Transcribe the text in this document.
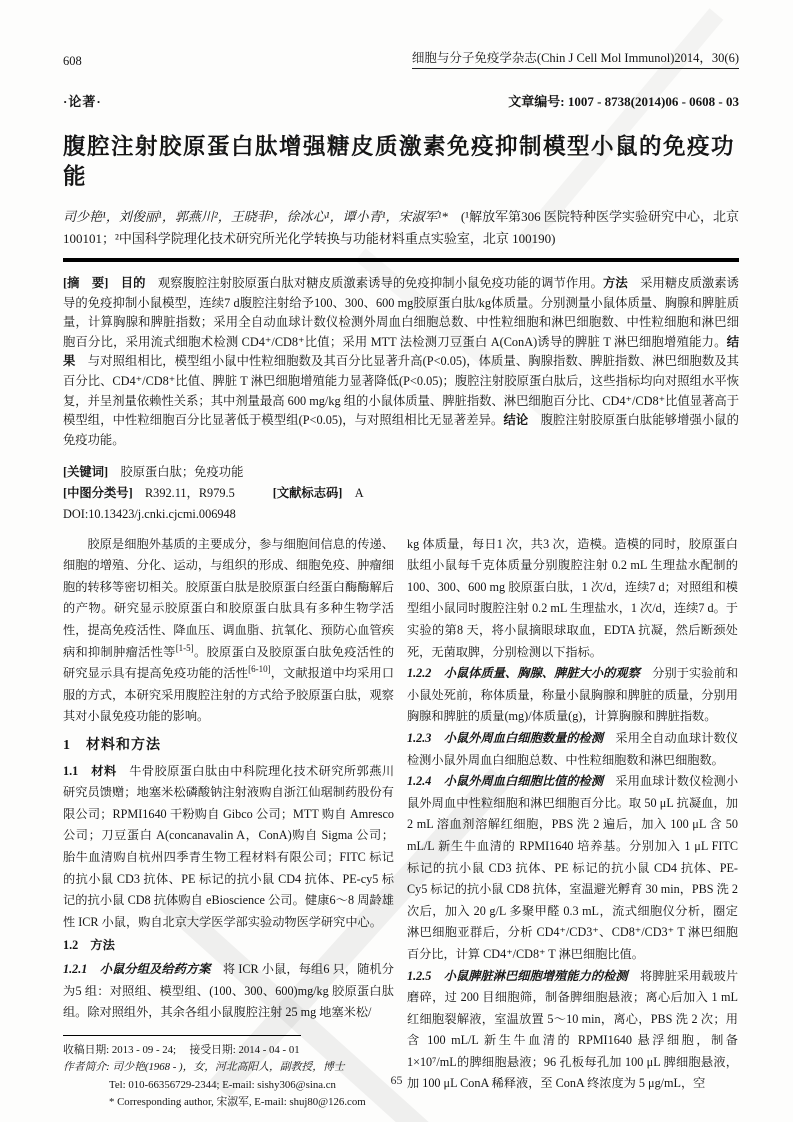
608	细胞与分子免疫学杂志(Chin J Cell Mol Immunol)2014，30(6)
·论著·	文章编号: 1007 - 8738(2014)06 - 0608 - 03
腹腔注射胶原蛋白肽增强糖皮质激素免疫抑制模型小鼠的免疫功能
司少艳¹，刘俊丽¹，郭燕川²，王晓菲¹，徐冰心¹，谭小青¹，宋淑军¹*　(¹解放军第306 医院特种医学实验研究中心，北京 100101；²中国科学院理化技术研究所光化学转换与功能材料重点实验室，北京 100190)

[摘　要]　目的　观察腹腔注射胶原蛋白肽对糖皮质激素诱导的免疫抑制小鼠免疫功能的调节作用。方法　采用糖皮质激素诱导的免疫抑制小鼠模型，连续7 d腹腔注射给予100、300、600 mg胶原蛋白肽/kg体质量。分别测量小鼠体质量、胸腺和脾脏质量，计算胸腺和脾脏指数；采用全自动血球计数仪检测外周血白细胞总数、中性粒细胞和淋巴细胞数、中性粒细胞和淋巴细胞百分比，采用流式细胞术检测 CD4⁺/CD8⁺比值；采用 MTT 法检测刀豆蛋白 A(ConA)诱导的脾脏 T 淋巴细胞增殖能力。结果　与对照组相比，模型组小鼠中性粒细胞数及其百分比显著升高(P<0.05)，体质量、胸腺指数、脾脏指数、淋巴细胞数及其百分比、CD4⁺/CD8⁺比值、脾脏 T 淋巴细胞增殖能力显著降低(P<0.05)；腹腔注射胶原蛋白肽后，这些指标均向对照组水平恢复，并呈剂量依赖性关系；其中剂量最高 600 mg/kg 组的小鼠体质量、脾脏指数、淋巴细胞百分比、CD4⁺/CD8⁺比值显著高于模型组，中性粒细胞百分比显著低于模型组(P<0.05)，与对照组相比无显著差异。结论　腹腔注射胶原蛋白肽能够增强小鼠的免疫功能。

[关键词]　胶原蛋白肽；免疫功能
[中图分类号]　R392.11，R979.5	[文献标志码]　A
DOI:10.13423/j.cnki.cjcmi.006948

胶原是细胞外基质的主要成分，参与细胞间信息的传递、细胞的增殖、分化、运动，与组织的形成、细胞免疫、肿瘤细胞的转移等密切相关。胶原蛋白肽是胶原蛋白经蛋白酶酶解后的产物。研究显示胶原蛋白和胶原蛋白肽具有多种生物学活性，提高免疫活性、降血压、调血脂、抗氧化、预防心血管疾病和抑制肿瘤活性等[1-5]。胶原蛋白及胶原蛋白肽免疫活性的研究显示具有提高免疫功能的活性[6-10]，文献报道中均采用口服的方式，本研究采用腹腔注射的方式给予胶原蛋白肽，观察其对小鼠免疫功能的影响。

1　材料和方法

1.1　材料　牛骨胶原蛋白肽由中科院理化技术研究所郭燕川研究员馈赠；地塞米松磷酸钠注射液购自浙江仙琚制药股份有限公司；RPMI1640 干粉购自 Gibco 公司；MTT 购自 Amresco 公司；刀豆蛋白 A(concanavalin A，ConA)购自 Sigma 公司；胎牛血清购自杭州四季青生物工程材料有限公司；FITC 标记的抗小鼠 CD3 抗体、PE 标记的抗小鼠 CD4 抗体、PE-cy5 标记的抗小鼠 CD8 抗体购自 eBioscience 公司。健康6～8 周龄雄性 ICR 小鼠，购自北京大学医学部实验动物医学研究中心。

1.2　方法

1.2.1　小鼠分组及给药方案　将 ICR 小鼠，每组6 只，随机分为5 组：对照组、模型组、(100、300、600)mg/kg 胶原蛋白肽组。除对照组外，其余各组小鼠腹腔注射 25 mg 地塞米松/

收稿日期: 2013 - 09 - 24;　 接受日期: 2014 - 04 - 01
作者简介: 司少艳(1968 - )，女，河北高阳人，副教授，博士
Tel: 010-66356729-2344; E-mail: sishy306@sina.cn
* Corresponding author, 宋淑军, E-mail: shuj80@126.com

kg 体质量，每日1 次，共3 次，造模。造模的同时，胶原蛋白肽组小鼠每千克体质量分别腹腔注射 0.2 mL 生理盐水配制的100、300、600 mg 胶原蛋白肽，1 次/d，连续7 d；对照组和模型组小鼠同时腹腔注射 0.2 mL 生理盐水，1 次/d，连续7 d。于实验的第8 天，将小鼠摘眼球取血，EDTA 抗凝，然后断颈处死，无菌取脾，分别检测以下指标。

1.2.2　小鼠体质量、胸腺、脾脏大小的观察　分别于实验前和小鼠处死前，称体质量，称量小鼠胸腺和脾脏的质量，分别用胸腺和脾脏的质量(mg)/体质量(g)，计算胸腺和脾脏指数。

1.2.3　小鼠外周血白细胞数量的检测　采用全自动血球计数仪检测小鼠外周血白细胞总数、中性粒细胞数和淋巴细胞数。

1.2.4　小鼠外周血白细胞比值的检测　采用血球计数仪检测小鼠外周血中性粒细胞和淋巴细胞百分比。取 50 μL 抗凝血，加 2 mL 溶血剂溶解红细胞，PBS 洗 2 遍后，加入 100 μL 含 50 mL/L 新生牛血清的 RPMI1640 培养基。分别加入 1 μL FITC 标记的抗小鼠 CD3 抗体、PE 标记的抗小鼠 CD4 抗体、PE-Cy5 标记的抗小鼠 CD8 抗体，室温避光孵育 30 min，PBS 洗 2 次后，加入 20 g/L 多聚甲醛 0.3 mL，流式细胞仪分析，圈定淋巴细胞亚群后，分析 CD4⁺/CD3⁺、CD8⁺/CD3⁺ T 淋巴细胞百分比，计算 CD4⁺/CD8⁺ T 淋巴细胞比值。

1.2.5　小鼠脾脏淋巴细胞增殖能力的检测　将脾脏采用载玻片磨碎，过 200 目细胞筛，制备脾细胞悬液；离心后加入 1 mL红细胞裂解液，室温放置 5～10 min，离心，PBS 洗 2 次；用含 100 mL/L 新生牛血清的 RPMI1640 悬浮细胞，制备 1×10⁷/mL的脾细胞悬液；96 孔板每孔加 100 μL 脾细胞悬液，加 100 μL ConA 稀释液，至 ConA 终浓度为 5 μg/mL，空

65
